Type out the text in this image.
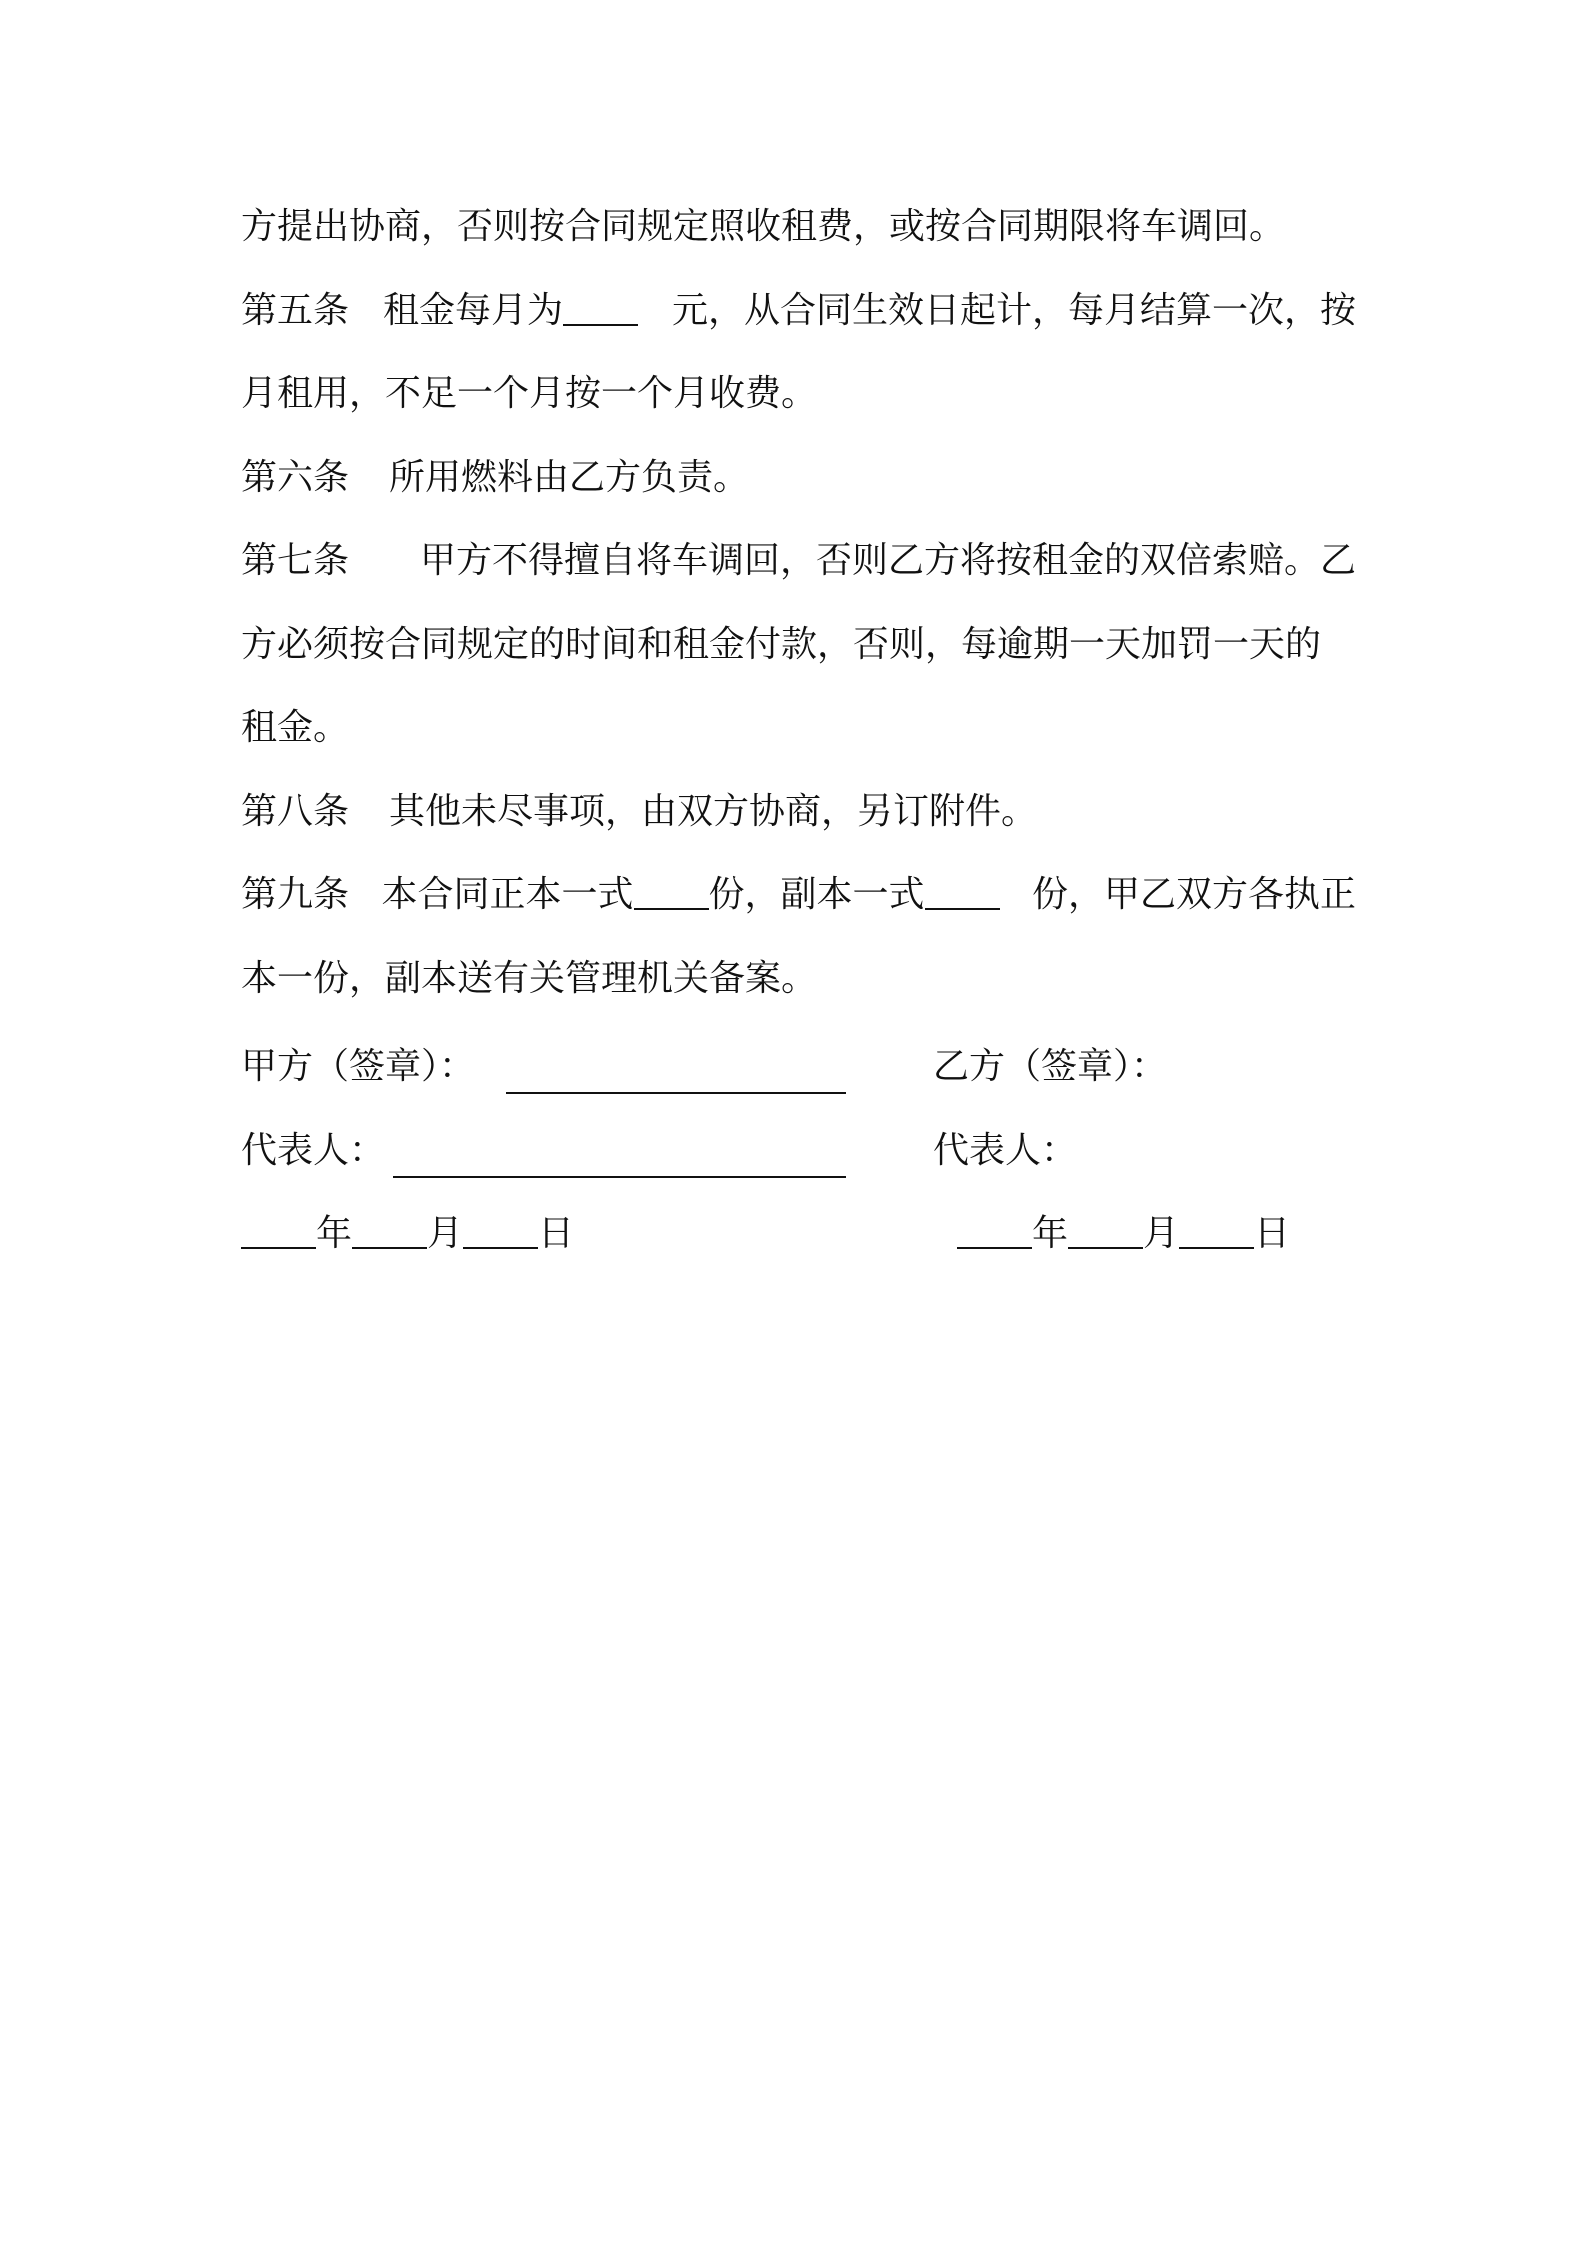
方提出协商，否则按合同规定照收租费，或按合同期限将车调回。
第五条 租金每月为	元，从合同生效日起计，每月结算一次，按
月租用，不足一个月按一个月收费。
第六条 所用燃料由乙方负责。
第七条 甲方不得擅自将车调回，否则乙方将按租金的双倍索赔。乙
方必须按合同规定的时间和租金付款，否则，每逾期一天加罚一天的
租金。
第八条 其他未尽事项，由双方协商，另订附件。
第九条 本合同正本一式 份，副本一式	份，甲乙双方各执正
本一份，副本送有关管理机关备案。
甲方（签章）：	乙方（签章）：
代表人：	代表人：
年 月 日	年 月 日
